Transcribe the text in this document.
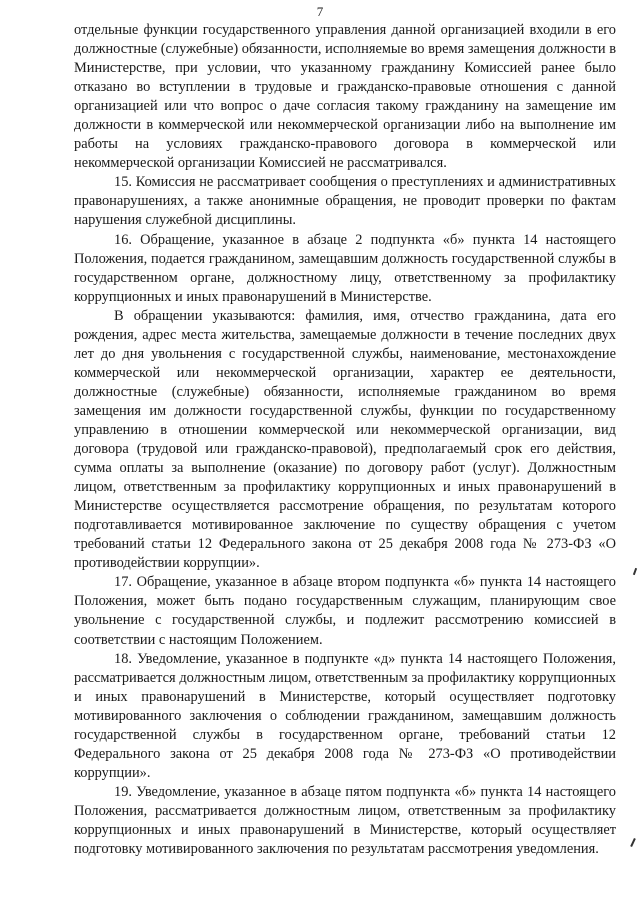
7

отдельные функции государственного управления данной организацией входили в его должностные (служебные) обязанности, исполняемые во время замещения должности в Министерстве, при условии, что указанному гражданину Комиссией ранее было отказано во вступлении в трудовые и гражданско-правовые отношения с данной организацией или что вопрос о даче согласия такому гражданину на замещение им должности в коммерческой или некоммерческой организации либо на выполнение им работы на условиях гражданско-правового договора в коммерческой или некоммерческой организации Комиссией не рассматривался.

15. Комиссия не рассматривает сообщения о преступлениях и административных правонарушениях, а также анонимные обращения, не проводит проверки по фактам нарушения служебной дисциплины.

16. Обращение, указанное в абзаце 2 подпункта «б» пункта 14 настоящего Положения, подается гражданином, замещавшим должность государственной службы в государственном органе, должностному лицу, ответственному за профилактику коррупционных и иных правонарушений в Министерстве.

В обращении указываются: фамилия, имя, отчество гражданина, дата его рождения, адрес места жительства, замещаемые должности в течение последних двух лет до дня увольнения с государственной службы, наименование, местонахождение коммерческой или некоммерческой организации, характер ее деятельности, должностные (служебные) обязанности, исполняемые гражданином во время замещения им должности государственной службы, функции по государственному управлению в отношении коммерческой или некоммерческой организации, вид договора (трудовой или гражданско-правовой), предполагаемый срок его действия, сумма оплаты за выполнение (оказание) по договору работ (услуг). Должностным лицом, ответственным за профилактику коррупционных и иных правонарушений в Министерстве осуществляется рассмотрение обращения, по результатам которого подготавливается мотивированное заключение по существу обращения с учетом требований статьи 12 Федерального закона от 25 декабря 2008 года № 273-ФЗ «О противодействии коррупции».

17. Обращение, указанное в абзаце втором подпункта «б» пункта 14 настоящего Положения, может быть подано государственным служащим, планирующим свое увольнение с государственной службы, и подлежит рассмотрению комиссией в соответствии с настоящим Положением.

18. Уведомление, указанное в подпункте «д» пункта 14 настоящего Положения, рассматривается должностным лицом, ответственным за профилактику коррупционных и иных правонарушений в Министерстве, который осуществляет подготовку мотивированного заключения о соблюдении гражданином, замещавшим должность государственной службы в государственном органе, требований статьи 12 Федерального закона от 25 декабря 2008 года № 273-ФЗ «О противодействии коррупции».

19. Уведомление, указанное в абзаце пятом подпункта «б» пункта 14 настоящего Положения, рассматривается должностным лицом, ответственным за профилактику коррупционных и иных правонарушений в Министерстве, который осуществляет подготовку мотивированного заключения по результатам рассмотрения уведомления.
